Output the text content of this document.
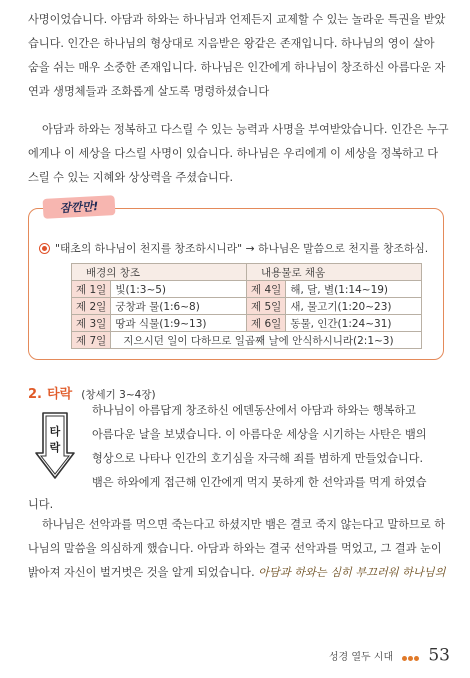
사명이었습니다. 아담과 하와는 하나님과 언제든지 교제할 수 있는 놀라운 특권을 받았
습니다. 인간은 하나님의 형상대로 지음받은 왕같은 존재입니다. 하나님의 영이 살아
숨을 쉬는 매우 소중한 존재입니다. 하나님은 인간에게 하나님이 창조하신 아름다운 자
연과 생명체들과 조화롭게 살도록 명령하셨습니다
아담과 하와는 정복하고 다스릴 수 있는 능력과 사명을 부여받았습니다. 인간은 누구
에게나 이 세상을 다스릴 사명이 있습니다. 하나님은 우리에게 이 세상을 정복하고 다
스릴 수 있는 지혜와 상상력을 주셨습니다.
잠깐만!
"태초의 하나님이 천지를 창조하시니라" → 하나님은 말씀으로 천지를 창조하심.
배경의 창조		내용물로 채움	
제 1일	빛(1:3~5)	제 4일	해, 달, 별(1:14~19)
제 2일	궁창과 물(1:6~8)	제 5일	새, 물고기(1:20~23)
제 3일	땅과 식물(1:9~13)	제 6일	동물, 인간(1:24~31)
제 7일	지으시던 일이 다하므로 일곱째 날에 안식하시니라(2:1~3)		
2. 타락 (창세기 3~4장)
타
락
하나님이 아름답게 창조하신 에덴동산에서 아담과 하와는 행복하고
아름다운 날을 보냈습니다. 이 아름다운 세상을 시기하는 사탄은 뱀의
형상으로 나타나 인간의 호기심을 자극해 죄를 범하게 만들었습니다.
뱀은 하와에게 접근해 인간에게 먹지 못하게 한 선악과를 먹게 하였습
니다.
하나님은 선악과를 먹으면 죽는다고 하셨지만 뱀은 결코 죽지 않는다고 말하므로 하
나님의 말씀을 의심하게 했습니다. 아담과 하와는 결국 선악과를 먹었고, 그 결과 눈이
밝아져 자신이 벌거벗은 것을 알게 되었습니다. 아담과 하와는 심히 부끄러워 하나님의
성경 열두 시대 53
